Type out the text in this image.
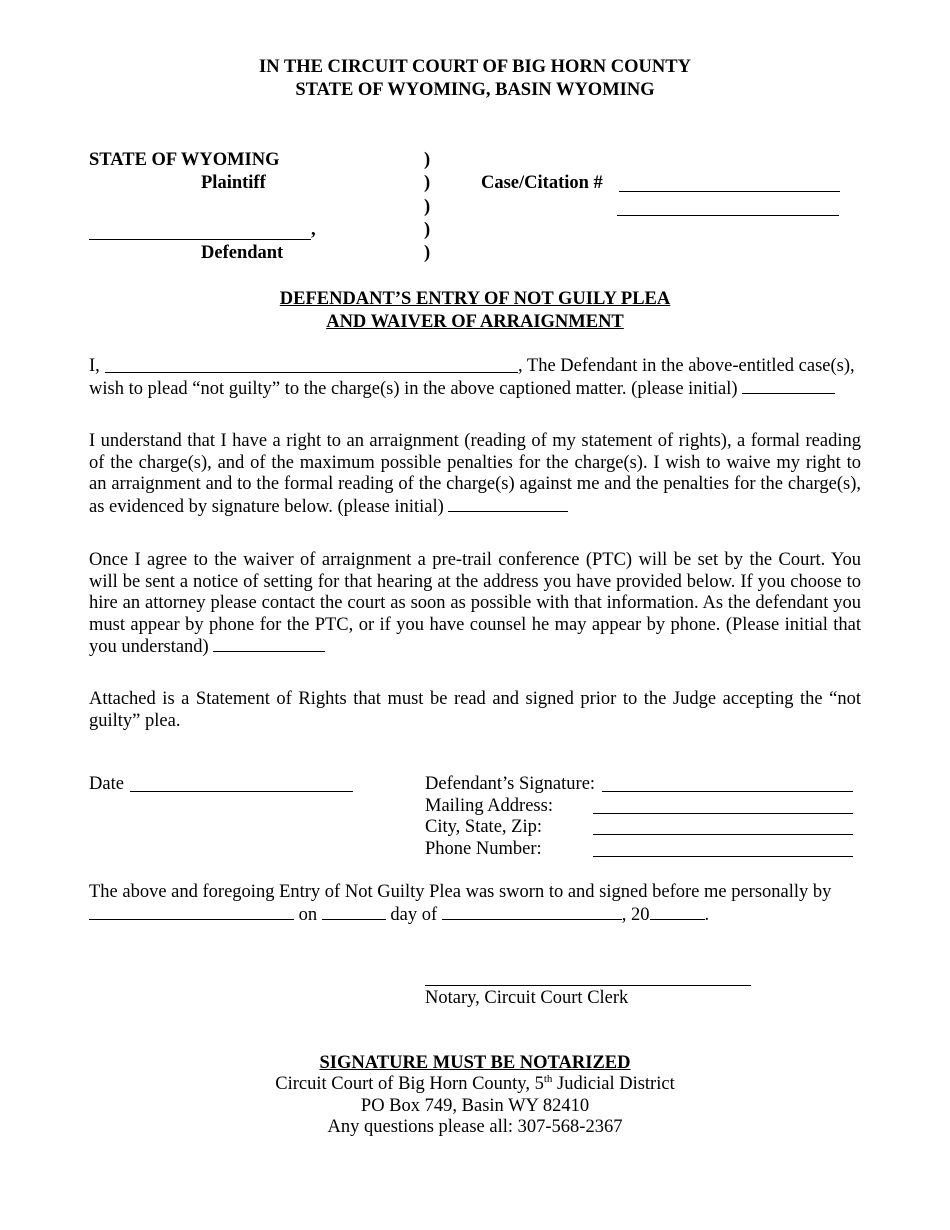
IN THE CIRCUIT COURT OF BIG HORN COUNTY
STATE OF WYOMING, BASIN WYOMING
STATE OF WYOMING
Plaintiff
,
Defendant
)
)
)
)
)
Case/Citation #
DEFENDANT’S ENTRY OF NOT GUILY PLEA
AND WAIVER OF ARRAIGNMENT
I,	, The Defendant in the above-entitled case(s),
wish to plead “not guilty” to the charge(s) in the above captioned matter. (please initial)
I understand that I have a right to an arraignment (reading of my statement of rights), a formal reading of the charge(s), and of the maximum possible penalties for the charge(s). I wish to waive my right to an arraignment and to the formal reading of the charge(s) against me and the penalties for the charge(s), as evidenced by signature below. (please initial)
Once I agree to the waiver of arraignment a pre-trail conference (PTC) will be set by the Court. You will be sent a notice of setting for that hearing at the address you have provided below. If you choose to hire an attorney please contact the court as soon as possible with that information. As the defendant you must appear by phone for the PTC, or if you have counsel he may appear by phone. (Please initial that you understand)
Attached is a Statement of Rights that must be read and signed prior to the Judge accepting the “not guilty” plea.
Date	Defendant’s Signature:
Mailing Address:
City, State, Zip:
Phone Number:
The above and foregoing Entry of Not Guilty Plea was sworn to and signed before me personally by
on	day of	, 20	.
Notary, Circuit Court Clerk
SIGNATURE MUST BE NOTARIZED
Circuit Court of Big Horn County, 5th Judicial District
PO Box 749, Basin WY 82410
Any questions please all: 307-568-2367
